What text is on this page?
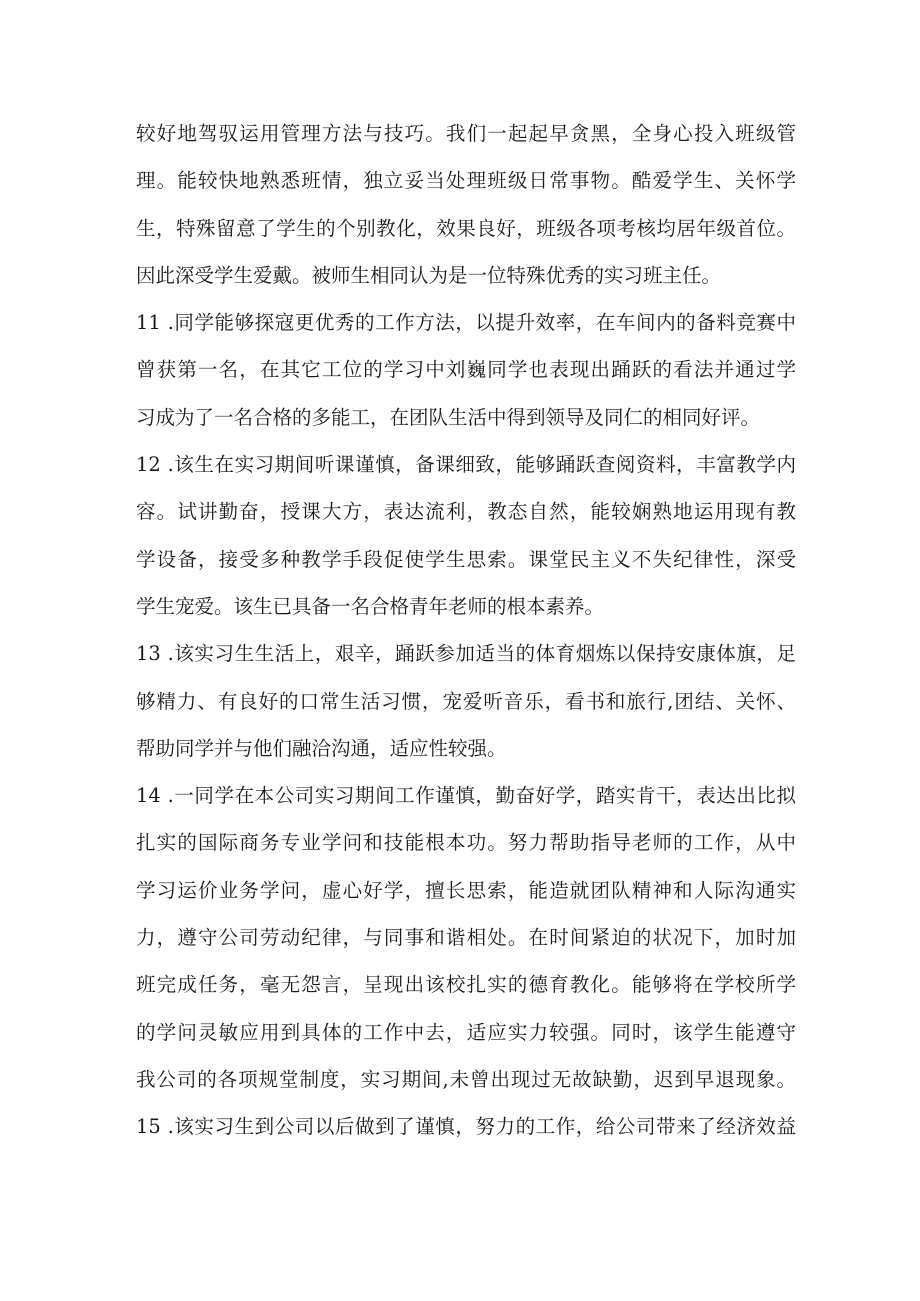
较好地驾驭运用管理方法与技巧。我们一起起早贪黑，全身心投入班级管
理。能较快地熟悉班情，独立妥当处理班级日常事物。酷爱学生、关怀学
生，特殊留意了学生的个别教化，效果良好，班级各项考核均居年级首位。
因此深受学生爱戴。被师生相同认为是一位特殊优秀的实习班主任。
11 .同学能够探寇更优秀的工作方法，以提升效率，在车间内的备料竞赛中
曾获第一名，在其它工位的学习中刘巍同学也表现出踊跃的看法并通过学
习成为了一名合格的多能工，在团队生活中得到领导及同仁的相同好评。
12 .该生在实习期间听课谨慎，备课细致，能够踊跃查阅资料，丰富教学内
容。试讲勤奋，授课大方，表达流利，教态自然，能较娴熟地运用现有教
学设备，接受多种教学手段促使学生思索。课堂民主义不失纪律性，深受
学生宠爱。该生已具备一名合格青年老师的根本素养。
13 .该实习生生活上，艰辛，踊跃参加适当的体育烟炼以保持安康体旗，足
够精力、有良好的口常生活习惯，宠爱听音乐，看书和旅行,团结、关怀、
帮助同学并与他们融洽沟通，适应性较强。
14 .一同学在本公司实习期间工作谨慎，勤奋好学，踏实肯干，表达出比拟
扎实的国际商务专业学问和技能根本功。努力帮助指导老师的工作，从中
学习运价业务学问，虚心好学，擅长思索，能造就团队精神和人际沟通实
力，遵守公司劳动纪律，与同事和谐相处。在时间紧迫的状况下，加时加
班完成任务，毫无怨言，呈现出该校扎实的德育教化。能够将在学校所学
的学问灵敏应用到具体的工作中去，适应实力较强。同时，该学生能遵守
我公司的各项规堂制度，实习期间,未曾出现过无故缺勤，迟到早退现象。
15 .该实习生到公司以后做到了谨慎，努力的工作，给公司带来了经济效益
